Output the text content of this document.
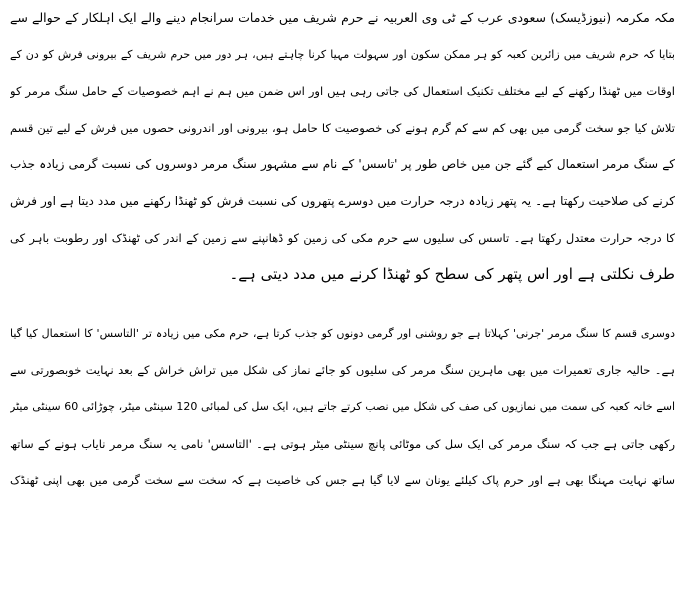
مکہ مکرمہ (نیوزڈیسک) سعودی عرب کے ٹی وی العربیہ نے حرم شریف میں خدمات سرانجام دینے والے ایک اہلکار کے حوالے سے
بتایا کہ حرم شریف میں زائرین کعبہ کو ہر ممکن سکون اور سہولت مہیا کرنا چاہتے ہیں، ہر دور میں حرم شریف کے بیرونی فرش کو دن کے
اوقات میں ٹھنڈا رکھنے کے لیے مختلف تکنیک استعمال کی جاتی رہی ہیں اور اس ضمن میں ہم نے اہم خصوصیات کے حامل سنگ مرمر کو
تلاش کیا جو سخت گرمی میں بھی کم سے کم گرم ہونے کی خصوصیت کا حامل ہو، بیرونی اور اندرونی حصوں میں فرش کے لیے تین قسم
کے سنگ مرمر استعمال کیے گئے جن میں خاص طور پر 'تاسس' کے نام سے مشہور سنگ مرمر دوسروں کی نسبت گرمی زیادہ جذب
کرنے کی صلاحیت رکھتا ہے۔ یہ پتھر زیادہ درجہ حرارت میں دوسرے پتھروں کی نسبت فرش کو ٹھنڈا رکھنے میں مدد دیتا ہے اور فرش
کا درجہ حرارت معتدل رکھتا ہے۔ تاسس کی سلیوں سے حرم مکی کی زمین کو ڈھانپنے سے زمین کے اندر کی ٹھنڈک اور رطوبت باہر کی
طرف نکلتی ہے اور اس پتھر کی سطح کو ٹھنڈا کرنے میں مدد دیتی ہے۔
دوسری قسم کا سنگ مرمر 'جرنی' کہلاتا ہے جو روشنی اور گرمی دونوں کو جذب کرتا ہے، حرم مکی میں زیادہ تر 'التاسس' کا استعمال کیا گیا
ہے۔ حالیہ جاری تعمیرات میں بھی ماہرین سنگ مرمر کی سلیوں کو جائے نماز کی شکل میں تراش خراش کے بعد نہایت خوبصورتی سے
اسے خانہ کعبہ کی سمت میں نمازیوں کی صف کی شکل میں نصب کرتے جاتے ہیں، ایک سل کی لمبائی 120 سینٹی میٹر، چوڑائی 60 سینٹی میٹر
رکھی جاتی ہے جب کہ سنگ مرمر کی ایک سل کی موٹائی پانچ سینٹی میٹر ہوتی ہے۔ 'التاسس' نامی یہ سنگ مرمر نایاب ہونے کے ساتھ
ساتھ نہایت مہنگا بھی ہے اور حرم پاک کیلئے یونان سے لایا گیا ہے جس کی خاصیت ہے کہ سخت سے سخت گرمی میں بھی اپنی ٹھنڈک
